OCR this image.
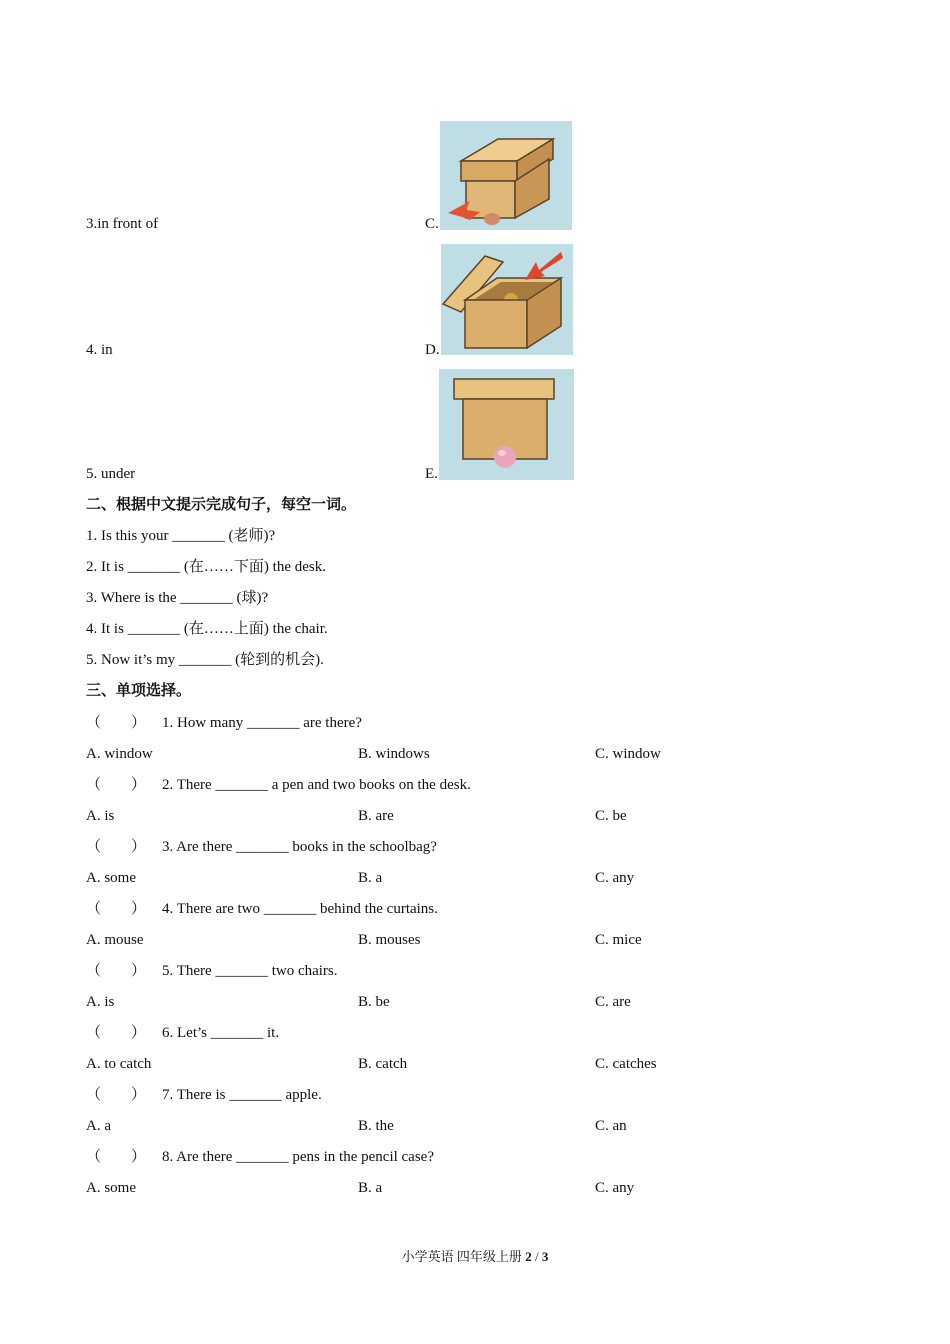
3.in front of	C.
4. in	D.
5. under	E.
二、根据中文提示完成句子，每空一词。
1. Is this your _______ (老师)?
2. It is _______ (在……下面) the desk.
3. Where is the _______ (球)?
4. It is _______ (在……上面) the chair.
5. Now it’s my _______ (轮到的机会).
三、单项选择。
（　　） 1. How many _______ are there?
A. window	B. windows	C. window
（　　） 2. There _______ a pen and two books on the desk.
A. is	B. are	C. be
（　　） 3. Are there _______ books in the schoolbag?
A. some	B. a	C. any
（　　） 4. There are two _______ behind the curtains.
A. mouse	B. mouses	C. mice
（　　） 5. There _______ two chairs.
A. is	B. be	C. are
（　　） 6. Let’s _______ it.
A. to catch	B. catch	C. catches
（　　） 7. There is _______ apple.
A. a	B. the	C. an
（　　） 8. Are there _______ pens in the pencil case?
A. some	B. a	C. any
小学英语 四年级上册 2 / 3
